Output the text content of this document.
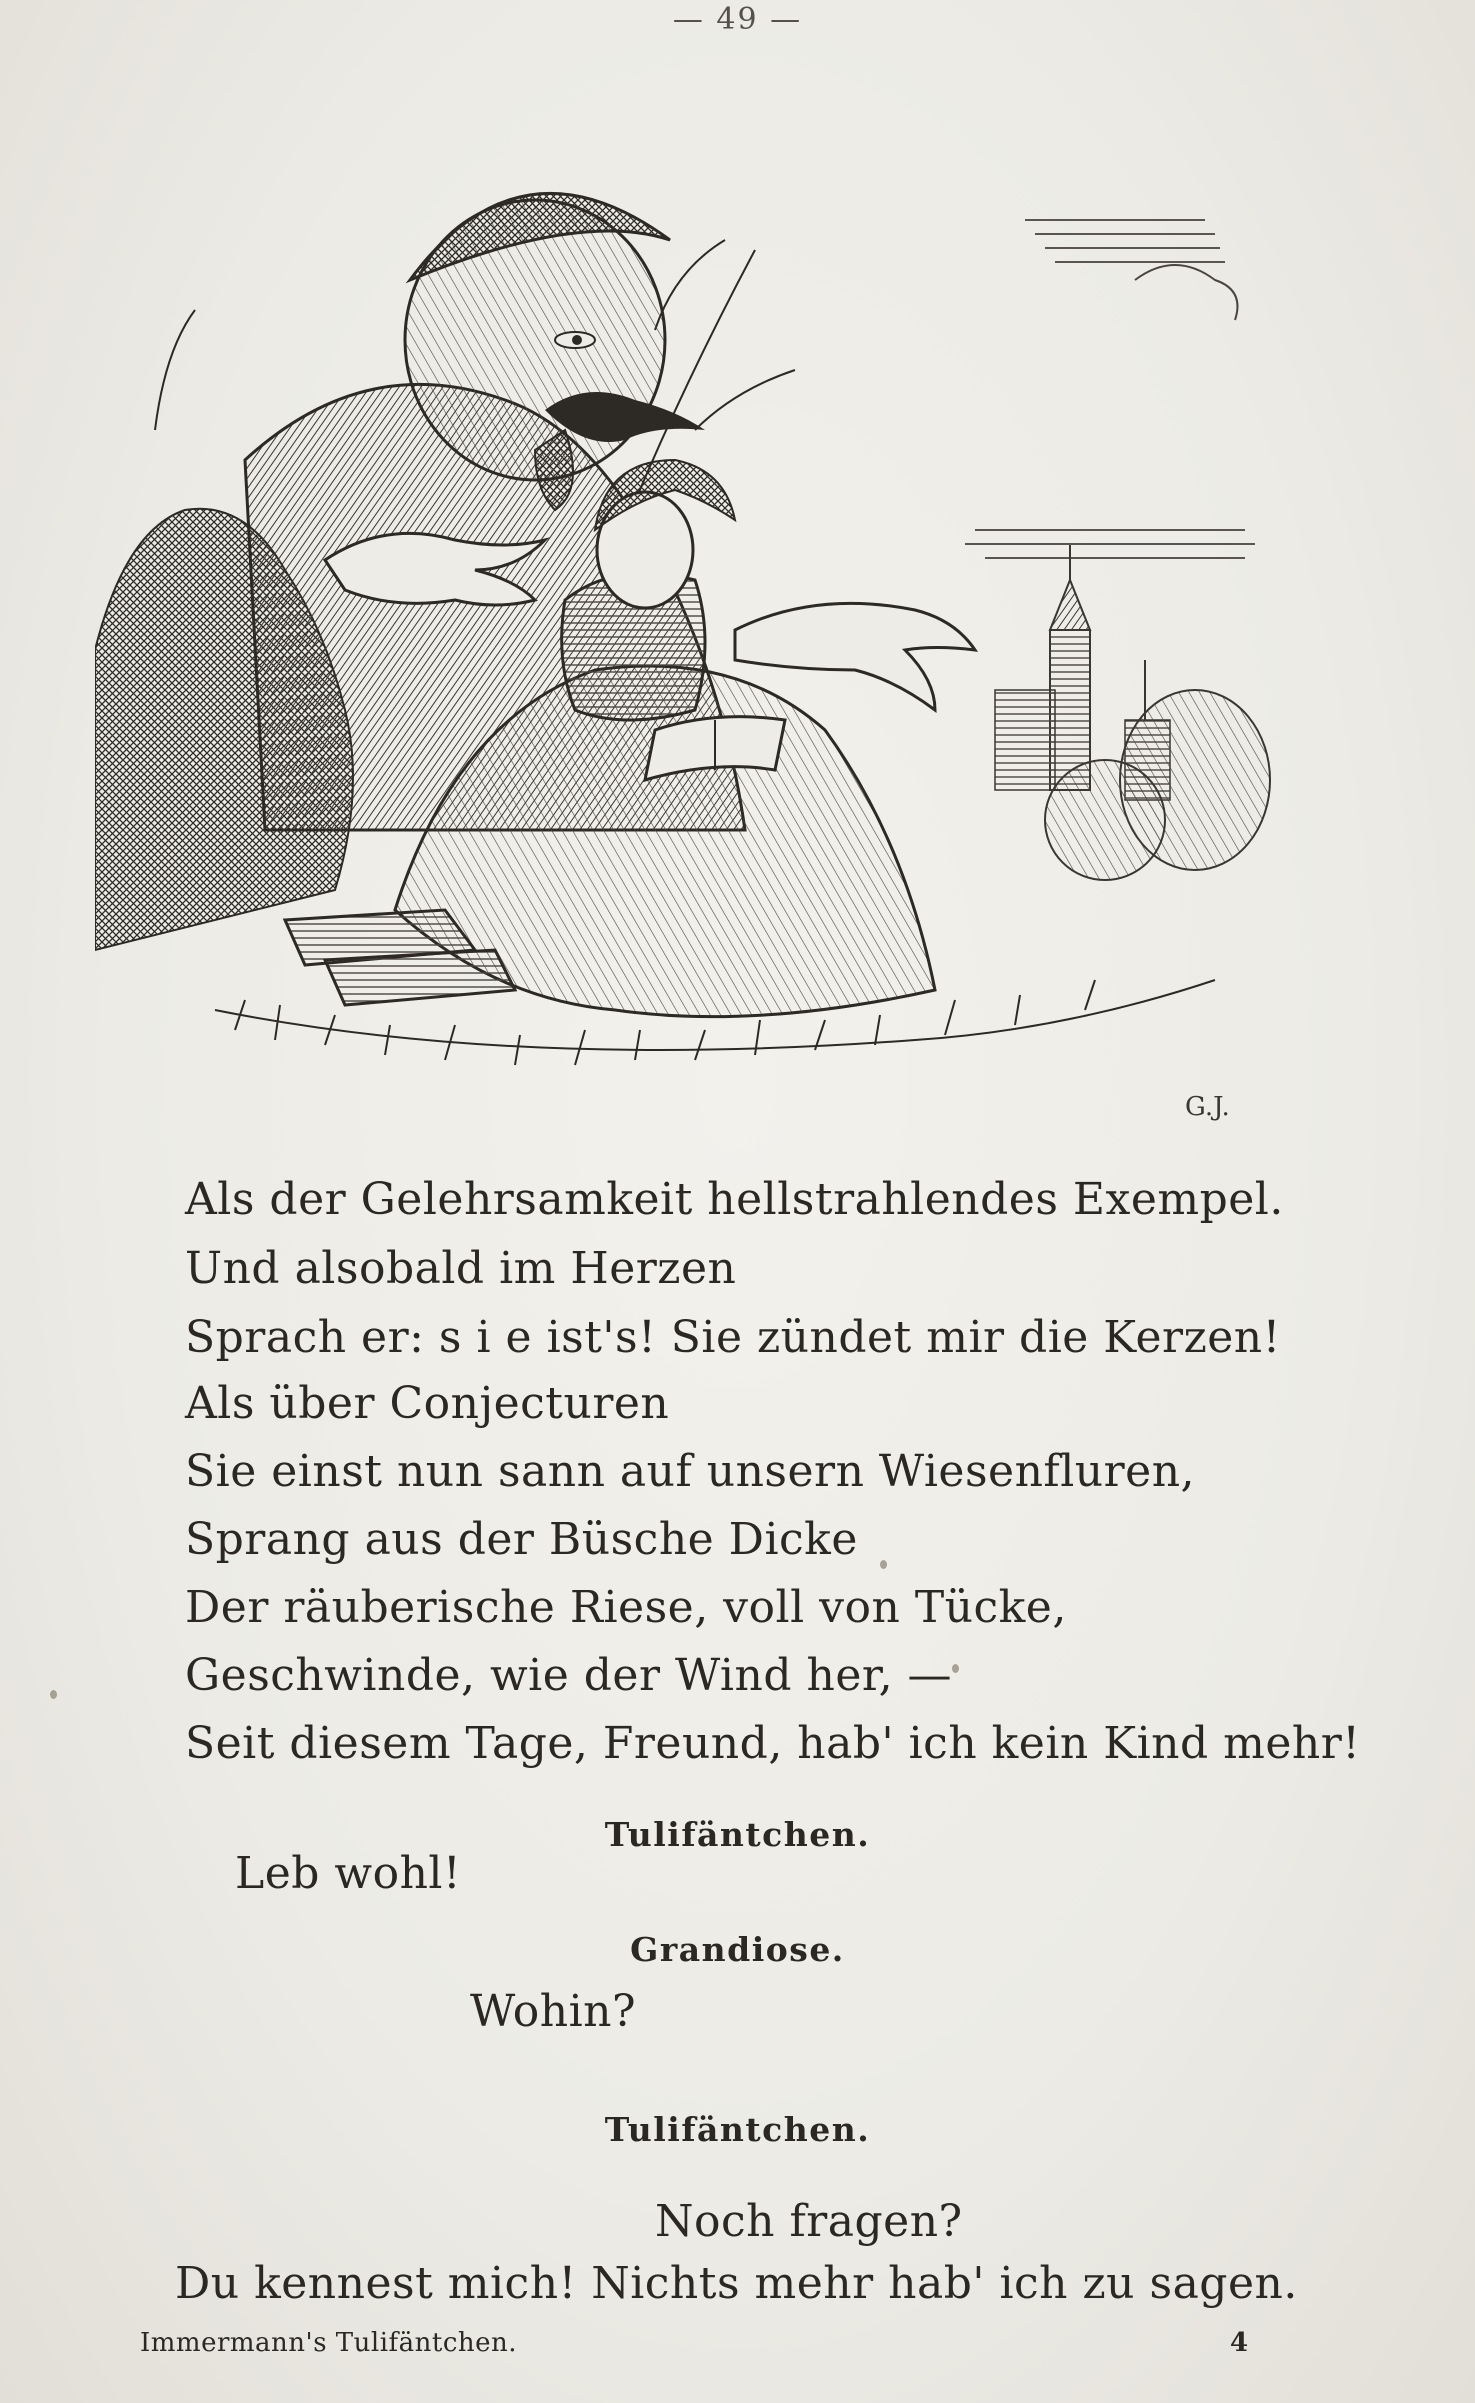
— 49 —
G.J.
Als der Gelehrsamkeit hellstrahlendes Exempel.
Und alsobald im Herzen
Sprach er: s i e ist's! Sie zündet mir die Kerzen!
Als über Conjecturen
Sie einst nun sann auf unsern Wiesenfluren,
Sprang aus der Büsche Dicke
Der räuberische Riese, voll von Tücke,
Geschwinde, wie der Wind her, —
Seit diesem Tage, Freund, hab' ich kein Kind mehr!
Leb wohl!
Wohin?
Noch fragen?
Du kennest mich! Nichts mehr hab' ich zu sagen.
Tulifäntchen.
Grandiose.
Tulifäntchen.
Immermann's Tulifäntchen.	4
